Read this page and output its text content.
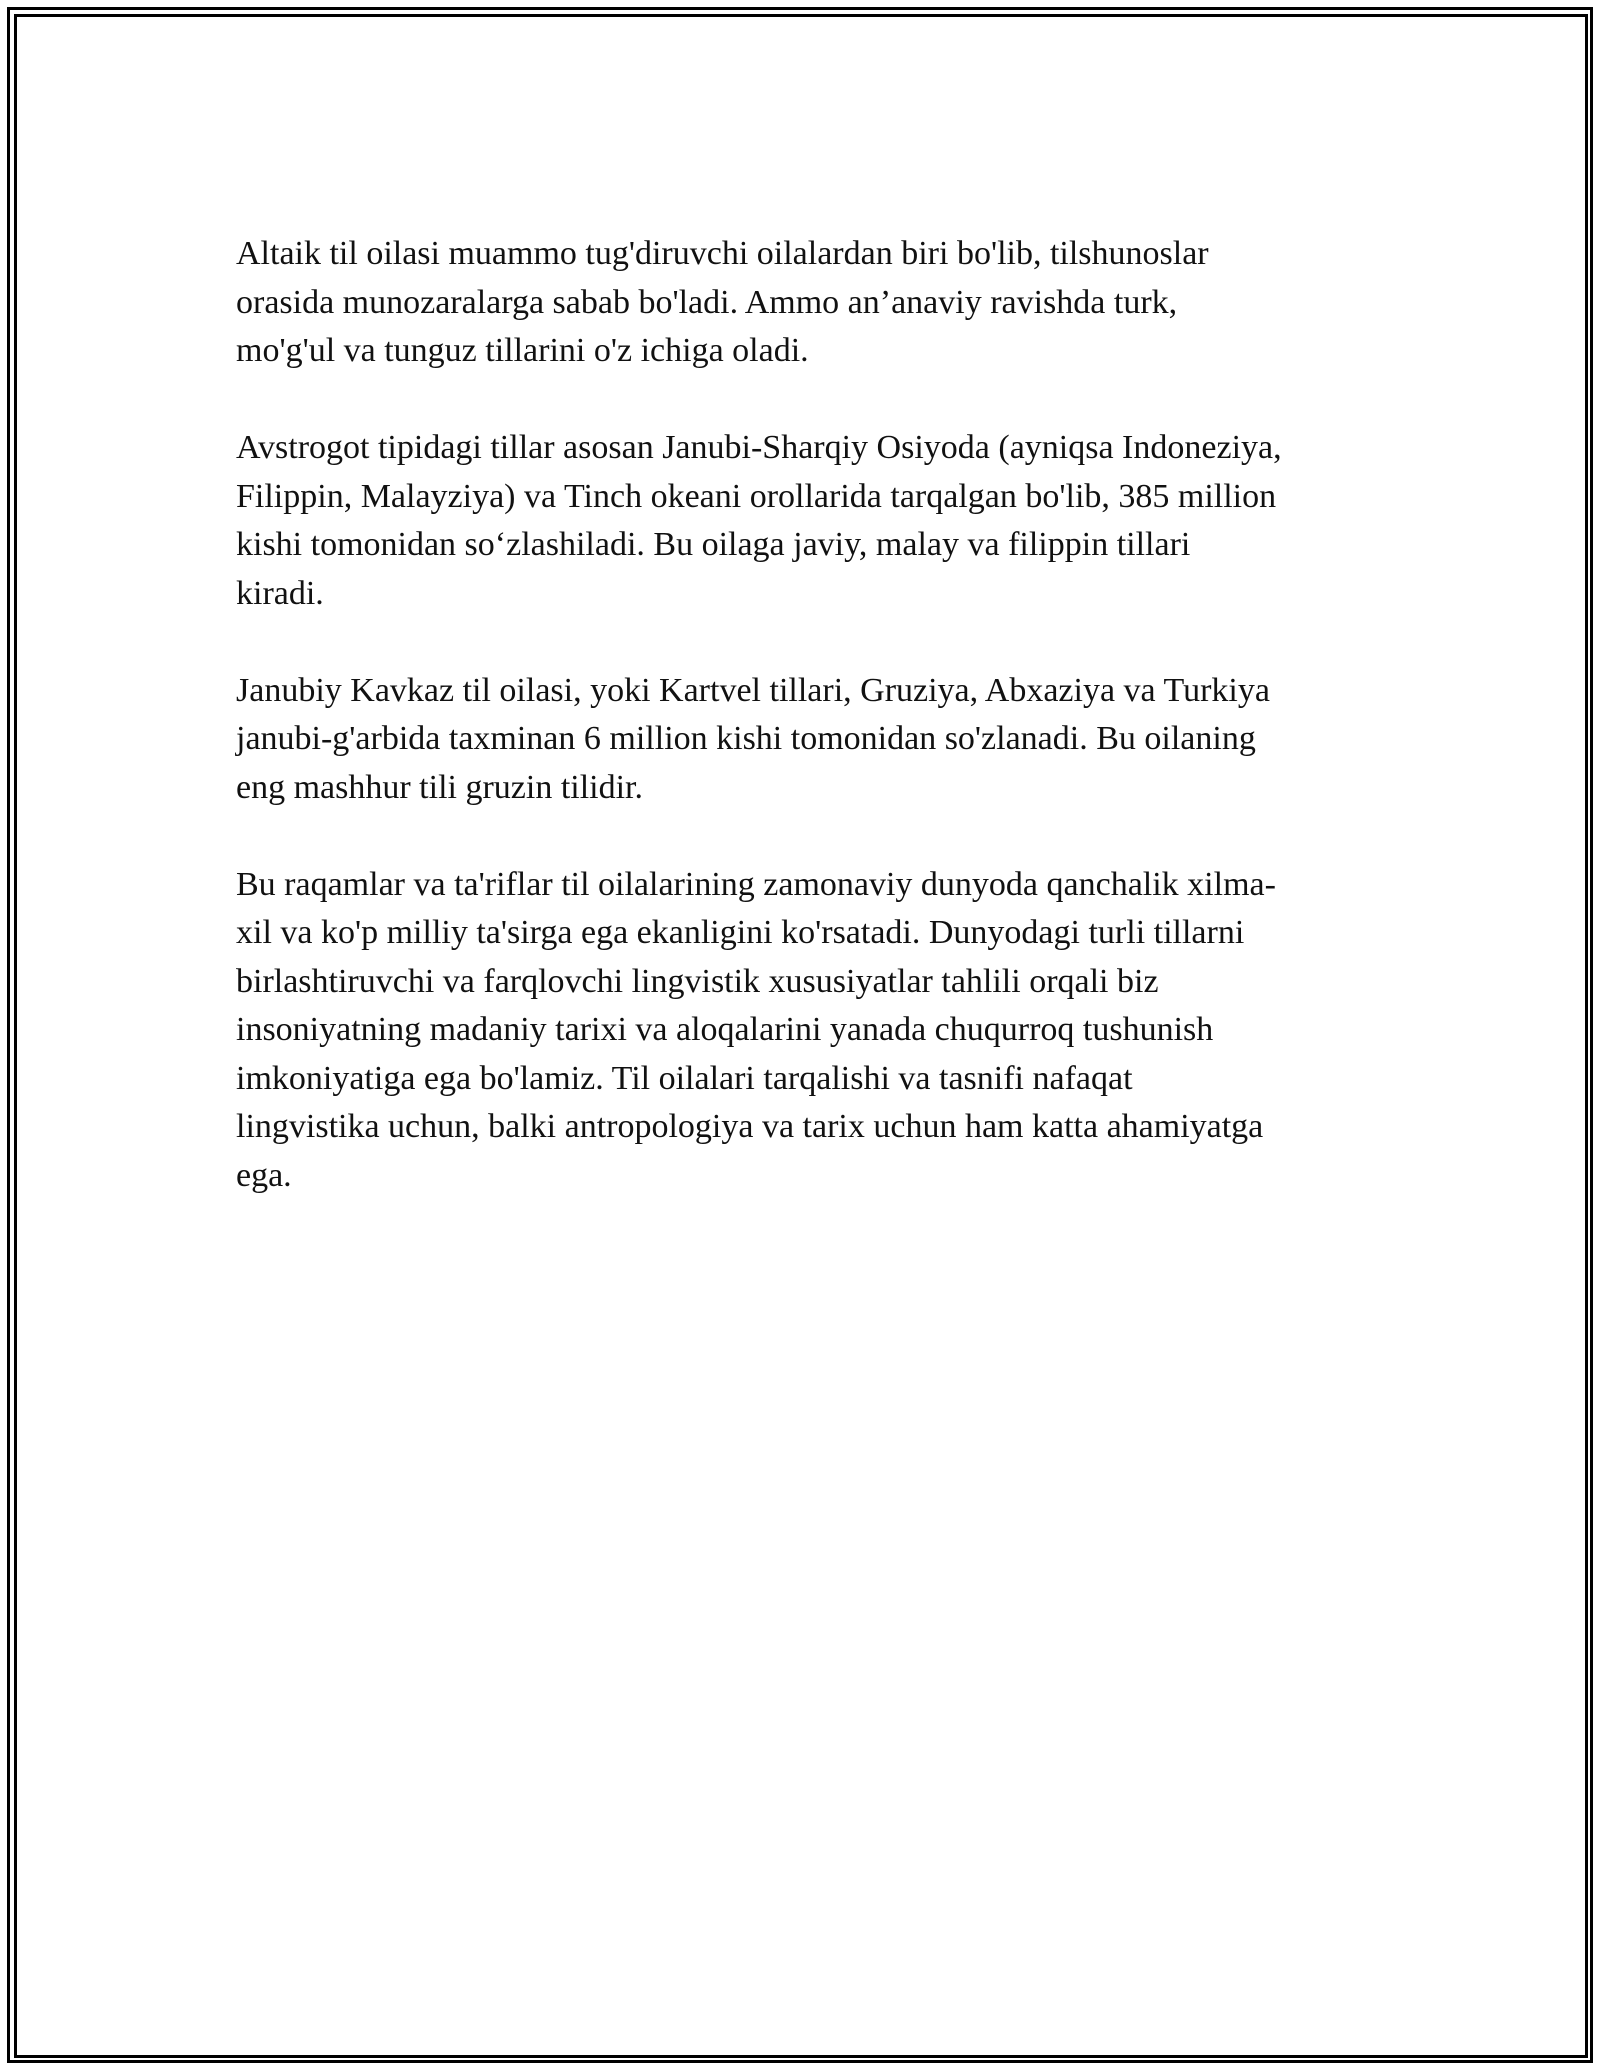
Altaik til oilasi muammo tug'diruvchi oilalardan biri bo'lib, tilshunoslar
orasida munozaralarga sabab bo'ladi. Ammo an’anaviy ravishda turk,
mo'g'ul va tunguz tillarini o'z ichiga oladi.

Avstrogot tipidagi tillar asosan Janubi-Sharqiy Osiyoda (ayniqsa Indoneziya,
Filippin, Malayziya) va Tinch okeani orollarida tarqalgan bo'lib, 385 million
kishi tomonidan so‘zlashiladi. Bu oilaga javiy, malay va filippin tillari
kiradi.

Janubiy Kavkaz til oilasi, yoki Kartvel tillari, Gruziya, Abxaziya va Turkiya
janubi-g'arbida taxminan 6 million kishi tomonidan so'zlanadi. Bu oilaning
eng mashhur tili gruzin tilidir.

Bu raqamlar va ta'riflar til oilalarining zamonaviy dunyoda qanchalik xilma-
xil va ko'p milliy ta'sirga ega ekanligini ko'rsatadi. Dunyodagi turli tillarni
birlashtiruvchi va farqlovchi lingvistik xususiyatlar tahlili orqali biz
insoniyatning madaniy tarixi va aloqalarini yanada chuqurroq tushunish
imkoniyatiga ega bo'lamiz. Til oilalari tarqalishi va tasnifi nafaqat
lingvistika uchun, balki antropologiya va tarix uchun ham katta ahamiyatga
ega.
